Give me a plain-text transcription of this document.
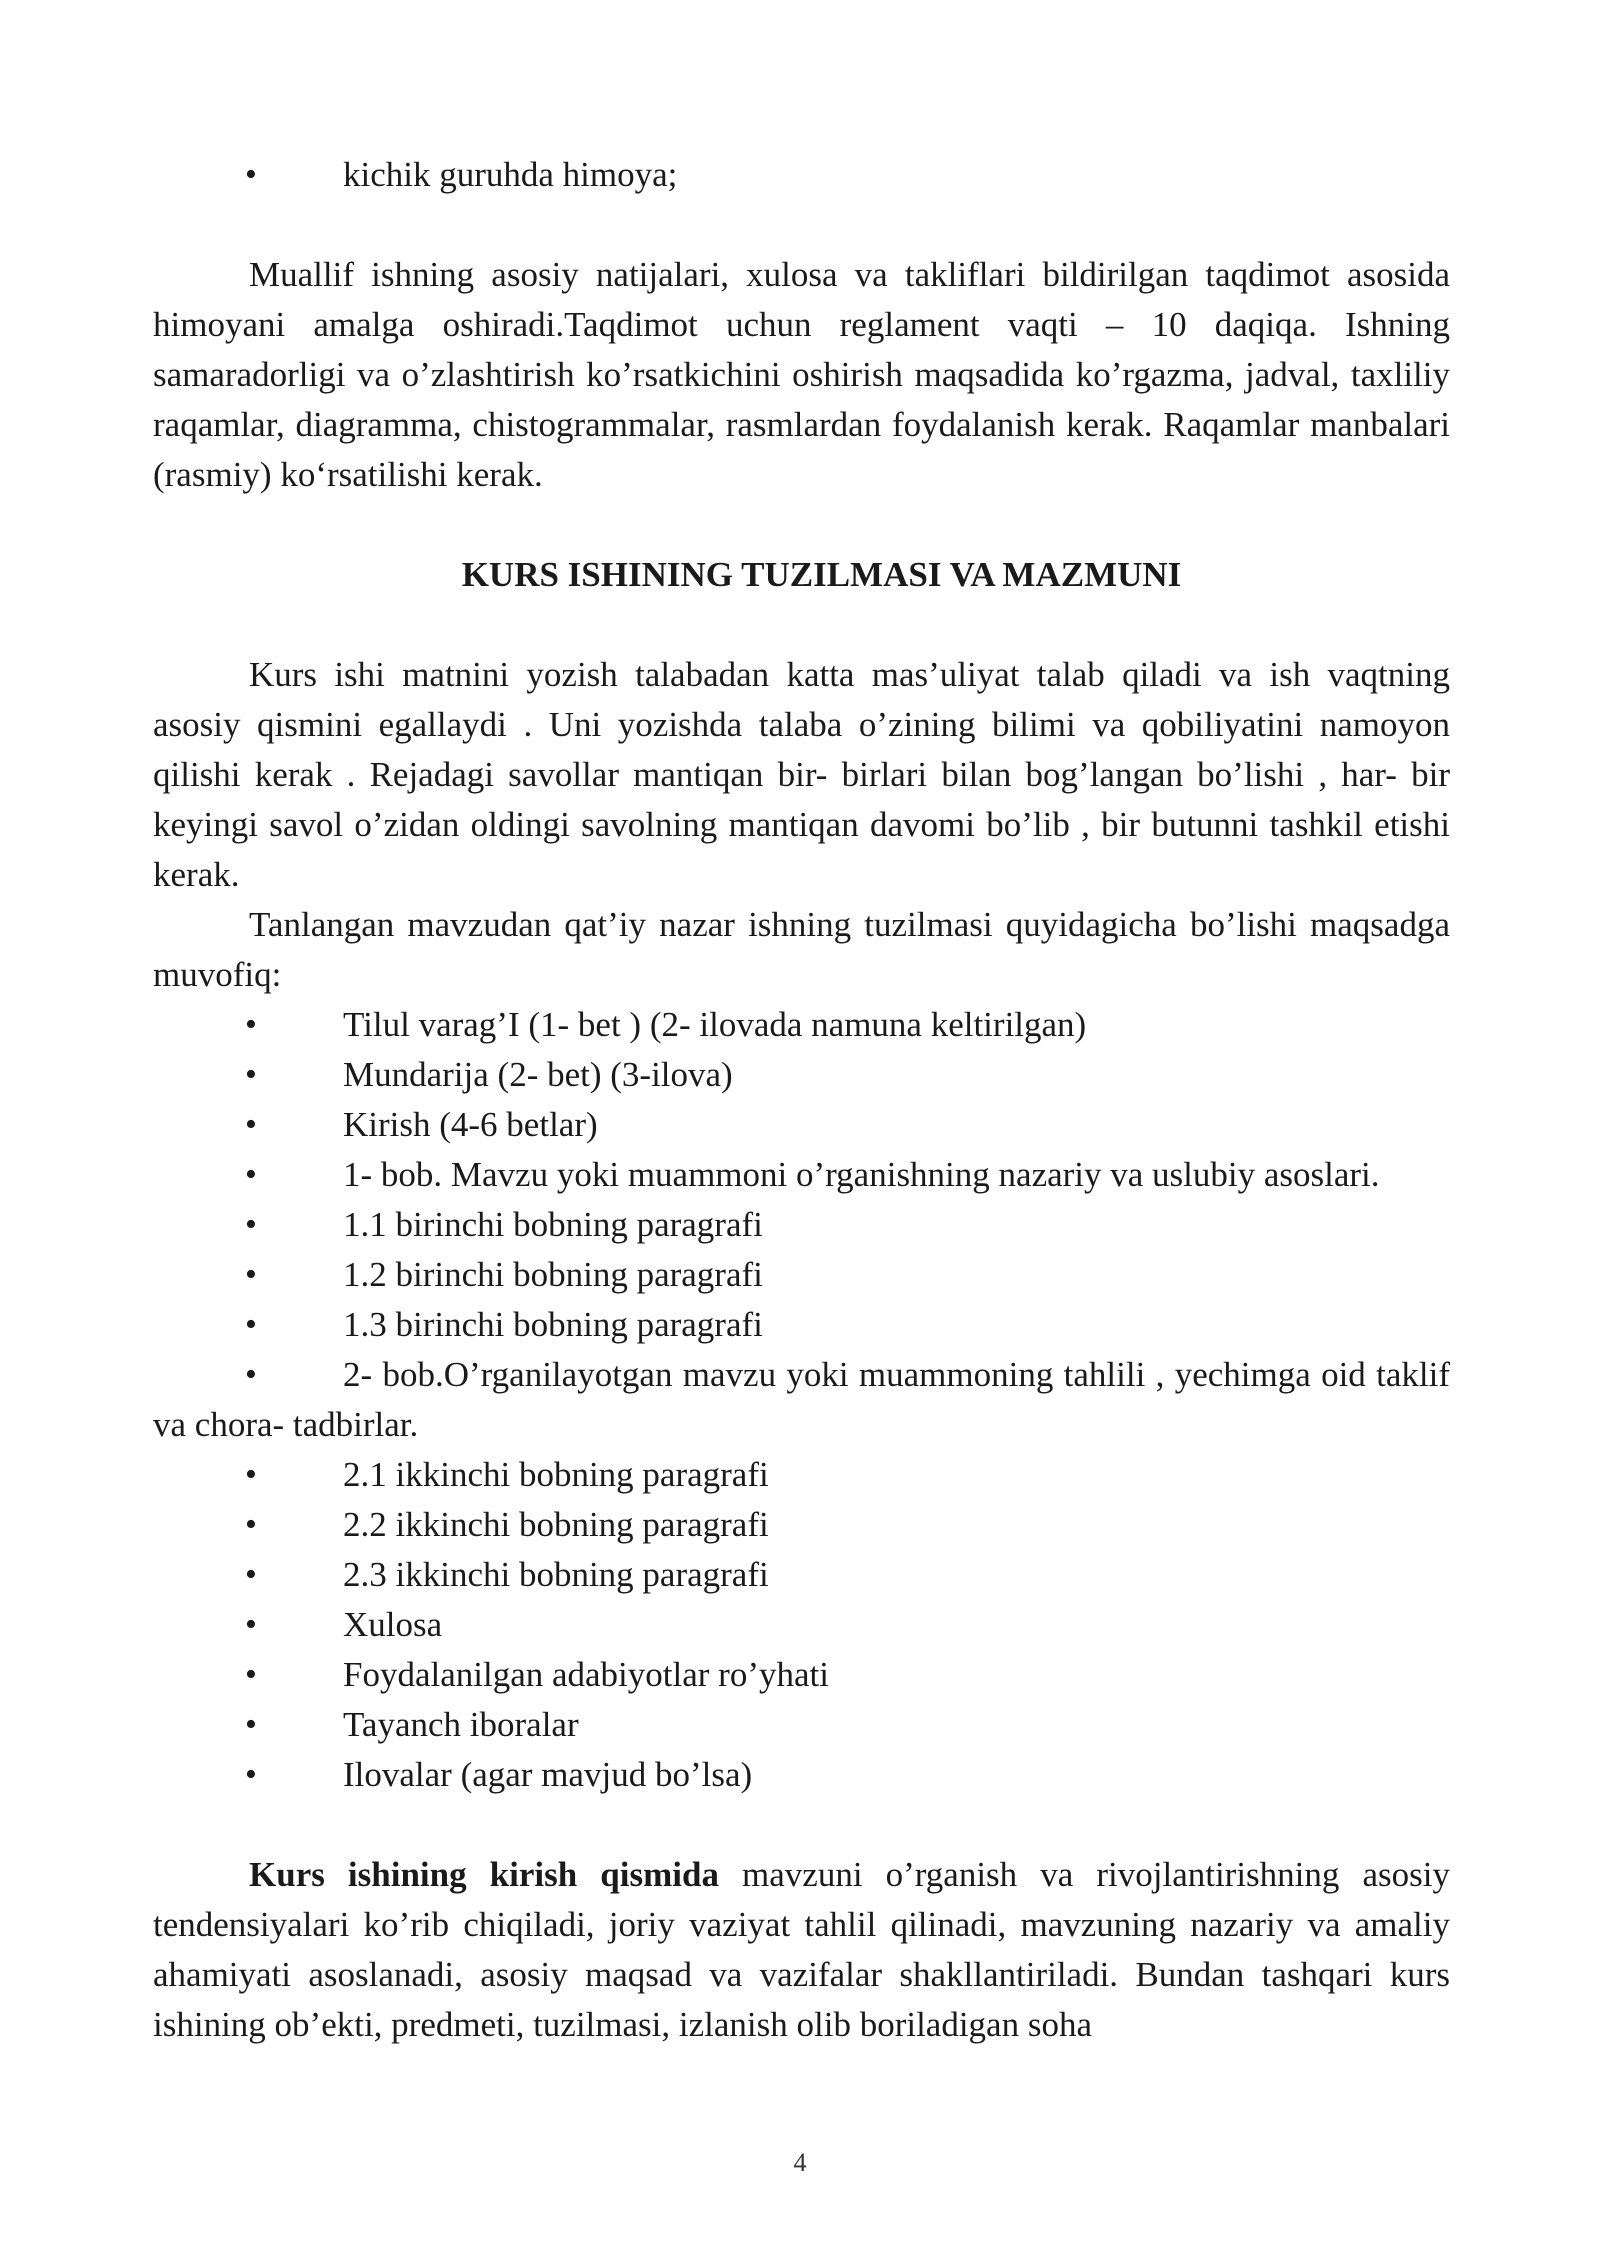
•	kichik guruhda himoya;

Muallif ishning asosiy natijalari, xulosa va takliflari bildirilgan taqdimot asosida himoyani amalga oshiradi.Taqdimot uchun reglament vaqti – 10 daqiqa. Ishning samaradorligi va o’zlashtirish ko’rsatkichini oshirish maqsadida ko’rgazma, jadval, taxliliy raqamlar, diagramma, chistogrammalar, rasmlardan foydalanish kerak. Raqamlar manbalari (rasmiy) ko‘rsatilishi kerak.

KURS ISHINING TUZILMASI VA MAZMUNI

Kurs ishi matnini yozish talabadan katta mas’uliyat talab qiladi va ish vaqtning asosiy qismini egallaydi . Uni yozishda talaba o’zining bilimi va qobiliyatini namoyon qilishi kerak . Rejadagi savollar mantiqan bir- birlari bilan bog’langan bo’lishi , har- bir keyingi savol o’zidan oldingi savolning mantiqan davomi bo’lib , bir butunni tashkil etishi kerak.

Tanlangan mavzudan qat’iy nazar ishning tuzilmasi quyidagicha bo’lishi maqsadga muvofiq:

•	Tilul varag’I (1- bet ) (2- ilovada namuna keltirilgan)
•	Mundarija (2- bet) (3-ilova)
•	Kirish (4-6 betlar)
•	1- bob. Mavzu yoki muammoni o’rganishning nazariy va uslubiy asoslari.
•	1.1 birinchi bobning paragrafi
•	1.2 birinchi bobning paragrafi
•	1.3 birinchi bobning paragrafi
•	2- bob.O’rganilayotgan mavzu yoki muammoning tahlili , yechimga oid taklif va chora- tadbirlar.
•	2.1 ikkinchi bobning paragrafi
•	2.2 ikkinchi bobning paragrafi
•	2.3 ikkinchi bobning paragrafi
•	Xulosa
•	Foydalanilgan adabiyotlar ro’yhati
•	Tayanch iboralar
•	Ilovalar (agar mavjud bo’lsa)

Kurs ishining kirish qismida mavzuni o’rganish va rivojlantirishning asosiy tendensiyalari ko’rib chiqiladi, joriy vaziyat tahlil qilinadi, mavzuning nazariy va amaliy ahamiyati asoslanadi, asosiy maqsad va vazifalar shakllantiriladi. Bundan tashqari kurs ishining ob’ekti, predmeti, tuzilmasi, izlanish olib boriladigan soha

4
